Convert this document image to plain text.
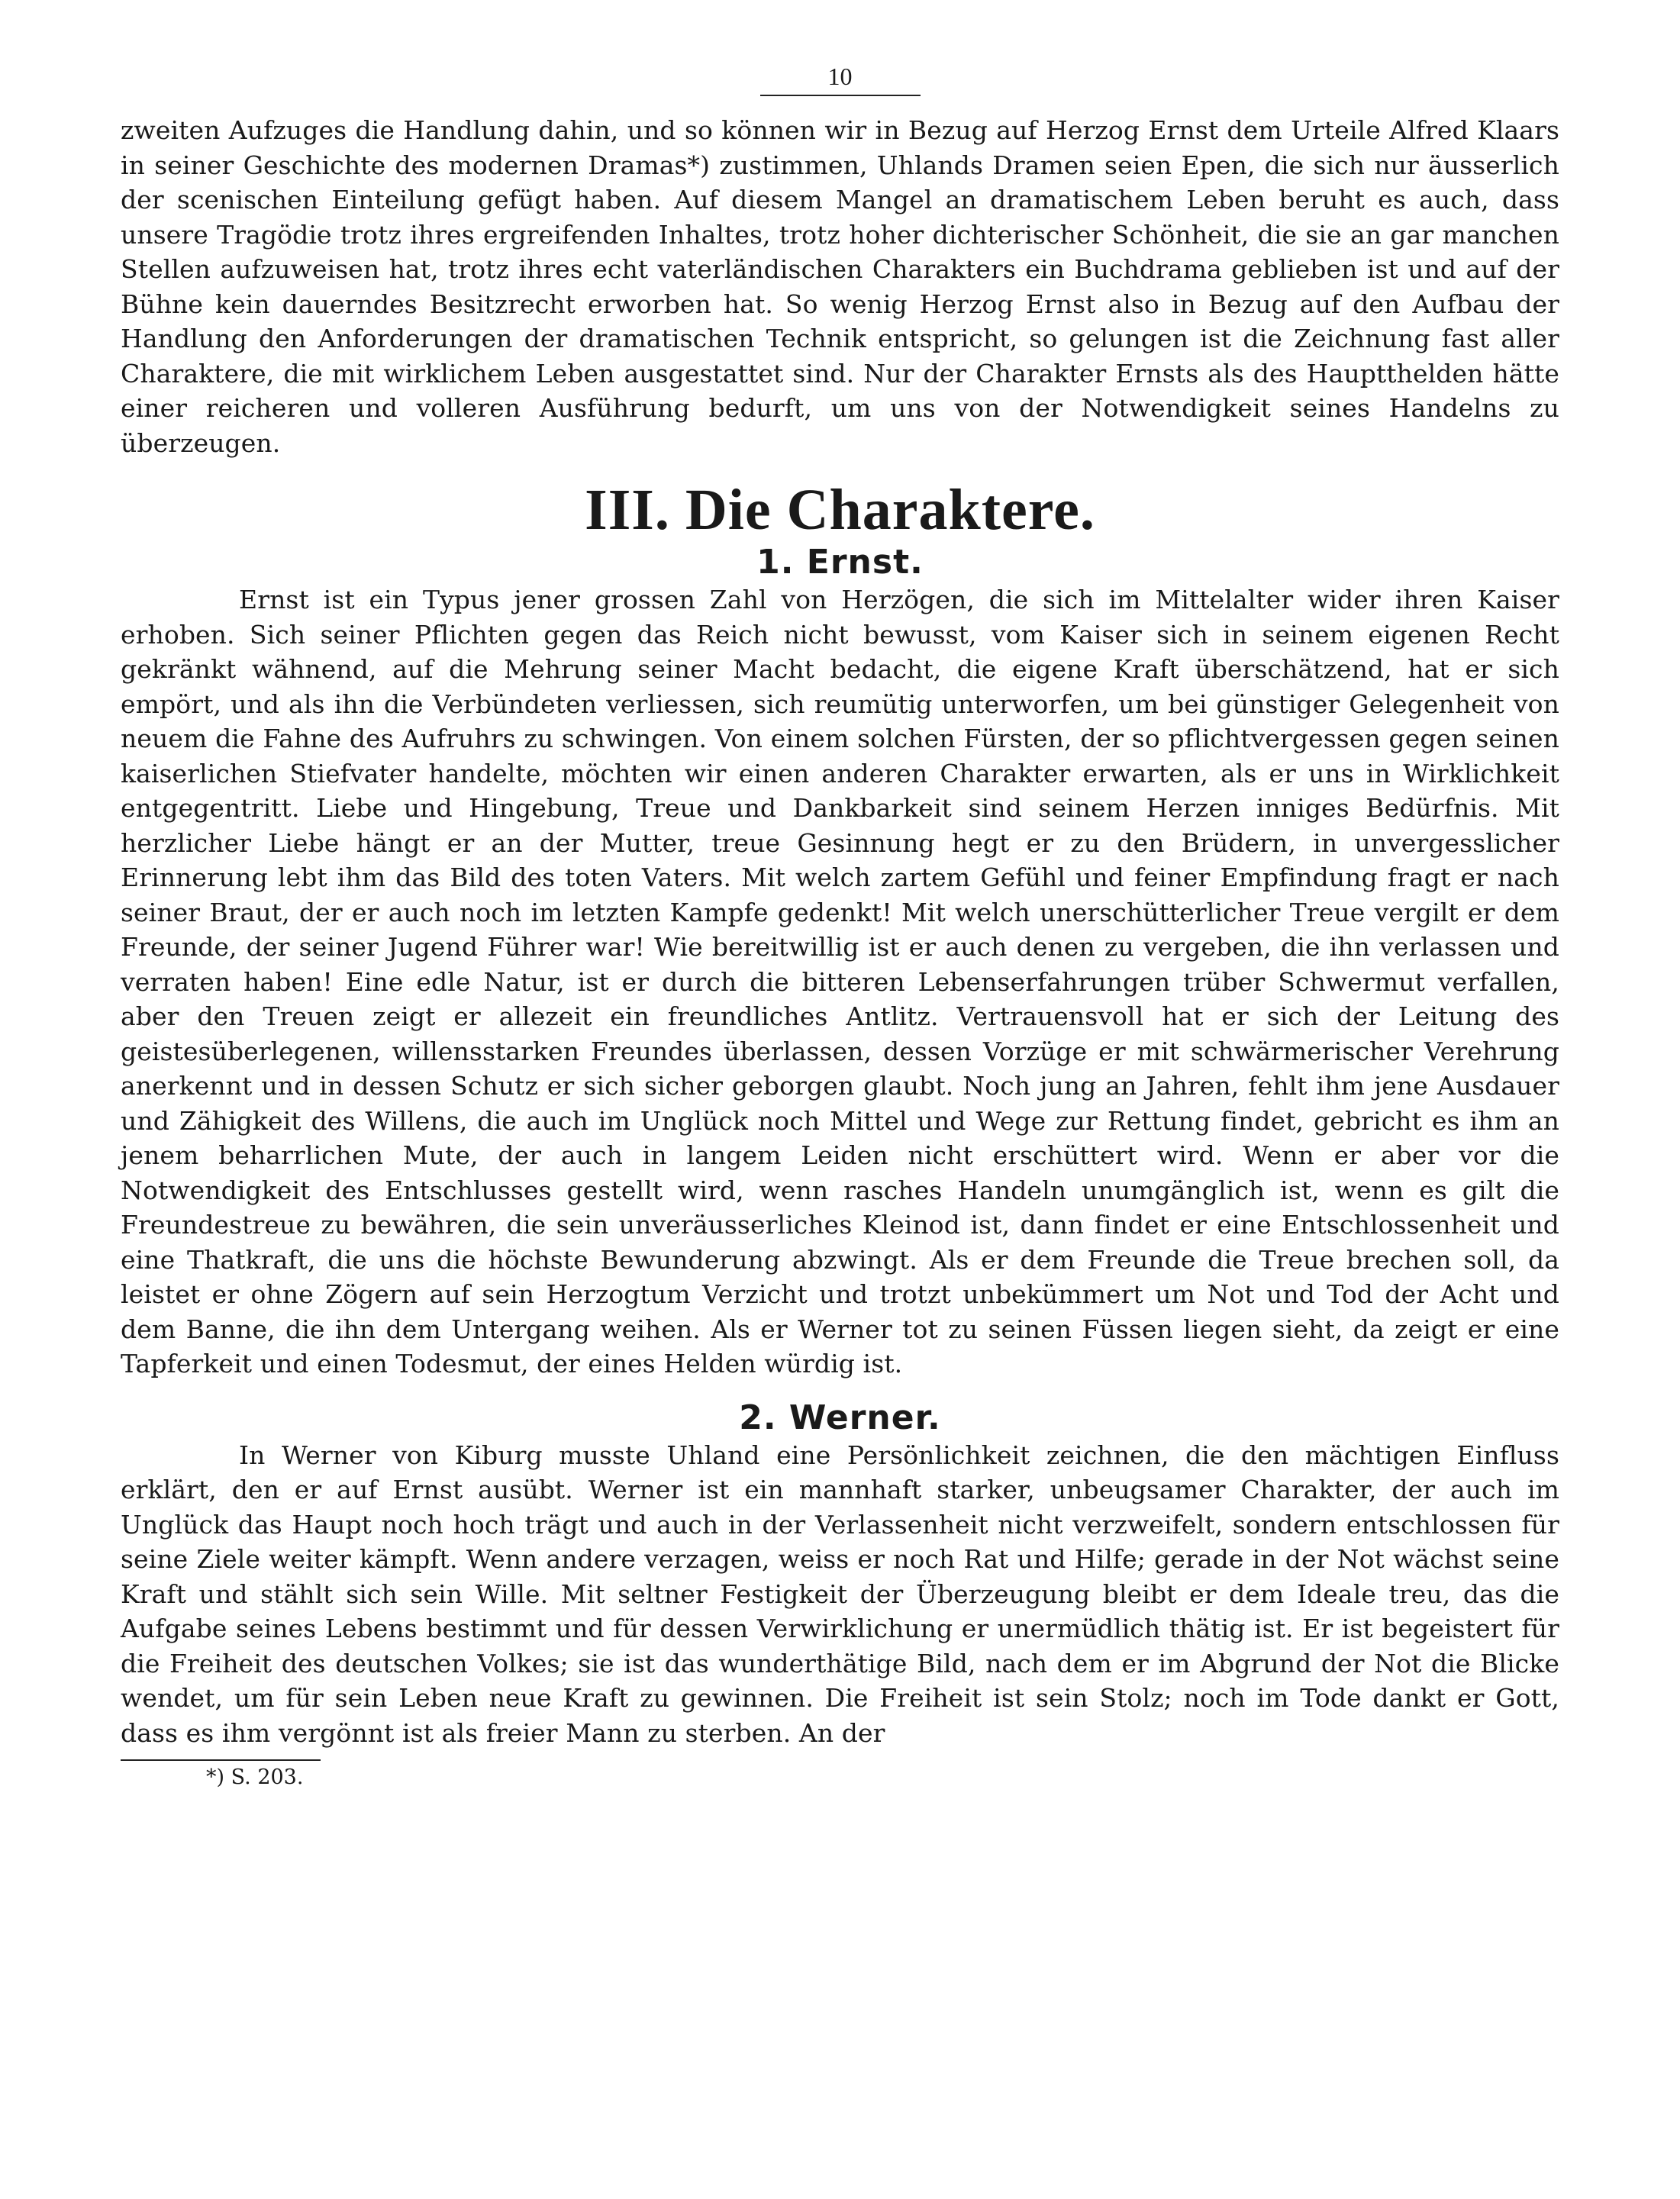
10

zweiten Aufzuges die Handlung dahin, und so können wir in Bezug auf Herzog Ernst dem Urteile Alfred Klaars in seiner Geschichte des modernen Dramas*) zustimmen, Uhlands Dramen seien Epen, die sich nur äusserlich der scenischen Einteilung gefügt haben. Auf diesem Mangel an dramatischem Leben beruht es auch, dass unsere Tragödie trotz ihres ergreifenden Inhaltes, trotz hoher dichterischer Schönheit, die sie an gar manchen Stellen aufzuweisen hat, trotz ihres echt vaterländischen Charakters ein Buchdrama geblieben ist und auf der Bühne kein dauerndes Besitzrecht erworben hat. So wenig Herzog Ernst also in Bezug auf den Aufbau der Handlung den Anforderungen der dramatischen Technik entspricht, so gelungen ist die Zeichnung fast aller Charaktere, die mit wirklichem Leben ausgestattet sind. Nur der Charakter Ernsts als des Hauptthelden hätte einer reicheren und volleren Ausführung bedurft, um uns von der Notwendigkeit seines Handelns zu überzeugen.

III. Die Charaktere.
1. Ernst.

Ernst ist ein Typus jener grossen Zahl von Herzögen, die sich im Mittelalter wider ihren Kaiser erhoben. Sich seiner Pflichten gegen das Reich nicht bewusst, vom Kaiser sich in seinem eigenen Recht gekränkt wähnend, auf die Mehrung seiner Macht bedacht, die eigene Kraft überschätzend, hat er sich empört, und als ihn die Verbündeten verliessen, sich reumütig unterworfen, um bei günstiger Gelegenheit von neuem die Fahne des Aufruhrs zu schwingen. Von einem solchen Fürsten, der so pflichtvergessen gegen seinen kaiserlichen Stiefvater handelte, möchten wir einen anderen Charakter erwarten, als er uns in Wirklichkeit entgegentritt. Liebe und Hingebung, Treue und Dankbarkeit sind seinem Herzen inniges Bedürfnis. Mit herzlicher Liebe hängt er an der Mutter, treue Gesinnung hegt er zu den Brüdern, in unvergesslicher Erinnerung lebt ihm das Bild des toten Vaters. Mit welch zartem Gefühl und feiner Empfindung fragt er nach seiner Braut, der er auch noch im letzten Kampfe gedenkt! Mit welch unerschütterlicher Treue vergilt er dem Freunde, der seiner Jugend Führer war! Wie bereitwillig ist er auch denen zu vergeben, die ihn verlassen und verraten haben! Eine edle Natur, ist er durch die bitteren Lebenserfahrungen trüber Schwermut verfallen, aber den Treuen zeigt er allezeit ein freundliches Antlitz. Vertrauensvoll hat er sich der Leitung des geistesüberlegenen, willensstarken Freundes überlassen, dessen Vorzüge er mit schwärmerischer Verehrung anerkennt und in dessen Schutz er sich sicher geborgen glaubt. Noch jung an Jahren, fehlt ihm jene Ausdauer und Zähigkeit des Willens, die auch im Unglück noch Mittel und Wege zur Rettung findet, gebricht es ihm an jenem beharrlichen Mute, der auch in langem Leiden nicht erschüttert wird. Wenn er aber vor die Notwendigkeit des Entschlusses gestellt wird, wenn rasches Handeln unumgänglich ist, wenn es gilt die Freundestreue zu bewähren, die sein unveräusserliches Kleinod ist, dann findet er eine Entschlossenheit und eine Thatkraft, die uns die höchste Bewunderung abzwingt. Als er dem Freunde die Treue brechen soll, da leistet er ohne Zögern auf sein Herzogtum Verzicht und trotzt unbekümmert um Not und Tod der Acht und dem Banne, die ihn dem Untergang weihen. Als er Werner tot zu seinen Füssen liegen sieht, da zeigt er eine Tapferkeit und einen Todesmut, der eines Helden würdig ist.

2. Werner.

In Werner von Kiburg musste Uhland eine Persönlichkeit zeichnen, die den mächtigen Einfluss erklärt, den er auf Ernst ausübt. Werner ist ein mannhaft starker, unbeugsamer Charakter, der auch im Unglück das Haupt noch hoch trägt und auch in der Verlassenheit nicht verzweifelt, sondern entschlossen für seine Ziele weiter kämpft. Wenn andere verzagen, weiss er noch Rat und Hilfe; gerade in der Not wächst seine Kraft und stählt sich sein Wille. Mit seltner Festigkeit der Überzeugung bleibt er dem Ideale treu, das die Aufgabe seines Lebens bestimmt und für dessen Verwirklichung er unermüdlich thätig ist. Er ist begeistert für die Freiheit des deutschen Volkes; sie ist das wunderthätige Bild, nach dem er im Abgrund der Not die Blicke wendet, um für sein Leben neue Kraft zu gewinnen. Die Freiheit ist sein Stolz; noch im Tode dankt er Gott, dass es ihm vergönnt ist als freier Mann zu sterben. An der

*) S. 203.
